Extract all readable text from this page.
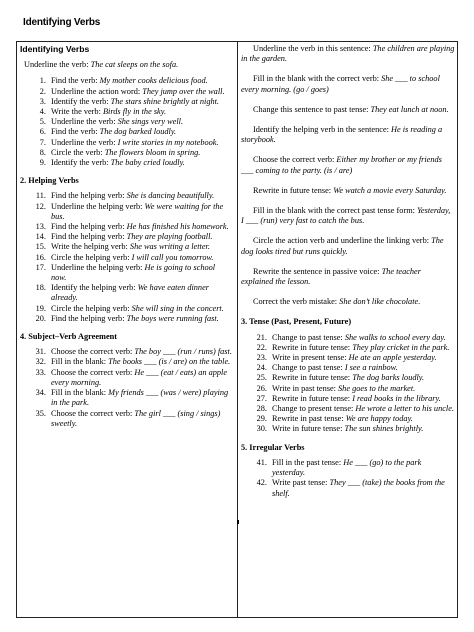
Identifying Verbs
Identifying Verbs
Underline the verb: The cat sleeps on the sofa.
1. Find the verb: My mother cooks delicious food.
2. Underline the action word: They jump over the wall.
3. Identify the verb: The stars shine brightly at night.
4. Write the verb: Birds fly in the sky.
5. Underline the verb: She sings very well.
6. Find the verb: The dog barked loudly.
7. Underline the verb: I write stories in my notebook.
8. Circle the verb: The flowers bloom in spring.
9. Identify the verb: The baby cried loudly.
2. Helping Verbs
11. Find the helping verb: She is dancing beautifully.
12. Underline the helping verb: We were waiting for the bus.
13. Find the helping verb: He has finished his homework.
14. Find the helping verb: They are playing football.
15. Write the helping verb: She was writing a letter.
16. Circle the helping verb: I will call you tomorrow.
17. Underline the helping verb: He is going to school now.
18. Identify the helping verb: We have eaten dinner already.
19. Circle the helping verb: She will sing in the concert.
20. Find the helping verb: The boys were running fast.
4. Subject–Verb Agreement
31. Choose the correct verb: The boy ___ (run / runs) fast.
32. Fill in the blank: The books ___ (is / are) on the table.
33. Choose the correct verb: He ___ (eat / eats) an apple every morning.
34. Fill in the blank: My friends ___ (was / were) playing in the park.
35. Choose the correct verb: The girl ___ (sing / sings) sweetly.
Underline the verb in this sentence: The children are playing in the garden.
Fill in the blank with the correct verb: She ___ to school every morning. (go / goes)
Change this sentence to past tense: They eat lunch at noon.
Identify the helping verb in the sentence: He is reading a storybook.
Choose the correct verb: Either my brother or my friends ___ coming to the party. (is / are)
Rewrite in future tense: We watch a movie every Saturday.
Fill in the blank with the correct past tense form: Yesterday, I ___ (run) very fast to catch the bus.
Circle the action verb and underline the linking verb: The dog looks tired but runs quickly.
Rewrite the sentence in passive voice: The teacher explained the lesson.
Correct the verb mistake: She don’t like chocolate.
3. Tense (Past, Present, Future)
21. Change to past tense: She walks to school every day.
22. Rewrite in future tense: They play cricket in the park.
23. Write in present tense: He ate an apple yesterday.
24. Change to past tense: I see a rainbow.
25. Rewrite in future tense: The dog barks loudly.
26. Write in past tense: She goes to the market.
27. Rewrite in future tense: I read books in the library.
28. Change to present tense: He wrote a letter to his uncle.
29. Rewrite in past tense: We are happy today.
30. Write in future tense: The sun shines brightly.
5. Irregular Verbs
41. Fill in the past tense: He ___ (go) to the park yesterday.
42. Write past tense: They ___ (take) the books from the shelf.
